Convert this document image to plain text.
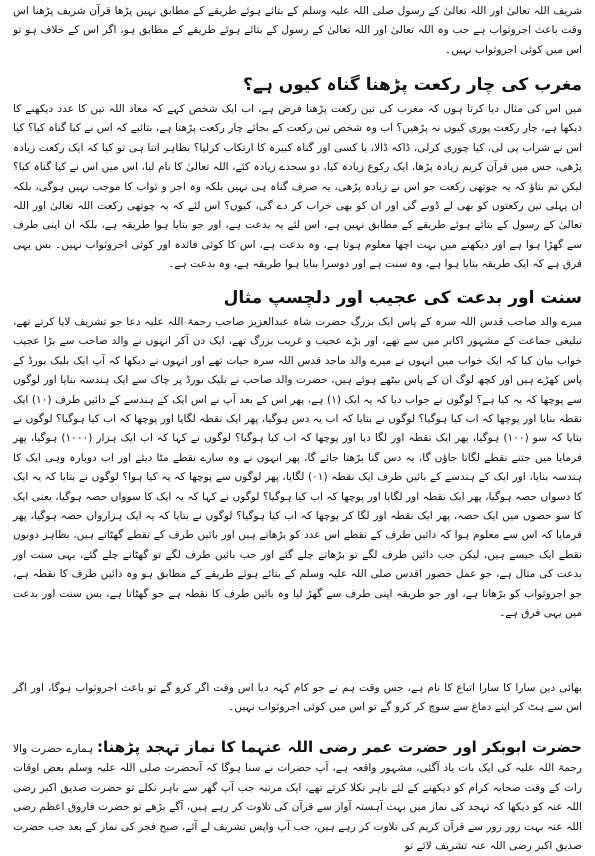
شریف اللہ تعالیٰ اور اللہ تعالیٰ کے رسول صلی اللہ علیہ وسلم کے بتائے ہوئے طریقے کے مطابق نہیں پڑھا قرآن شریف پڑھنا اس وقت باعث اجروثواب ہے جب وہ اللہ تعالیٰ اور اللہ تعالیٰ کے رسول کے بتائے ہوئے طریقے کے مطابق ہو، اگر اس کے خلاف ہو تو اس میں کوئی اجروثواب نہیں۔

مغرب کی چار رکعت پڑھنا گناہ کیوں ہے؟

میں اس کی مثال دیا کرتا ہوں کہ مغرب کی تین رکعت پڑھنا فرض ہے، اب ایک شخص کہے کہ معاذ اللہ تین کا عدد دیکھنے کا دیکھا ہے، چار رکعت پوری کیوں نہ پڑھیں؟ اب وہ شخص تین رکعت کے بجائے چار رکعت پڑھتا ہے، بتائیے کہ اس نے کیا گناہ کیا؟ کیا اس نے شراب پی لی، کیا چوری کرلی، ڈاکہ ڈالا، یا کسی اور گناہ کبیرہ کا ارتکاب کرلیا؟ بظاہر اتنا ہی تو کیا کہ ایک رکعت زیادہ پڑھی، جس میں قرآن کریم زیادہ پڑھا، ایک رکوع زیادہ کیا، دو سجدے زیادہ کئے، اللہ تعالیٰ کا نام لیا، اس میں اس نے کیا گناہ کیا؟ لیکن تم بتاؤ کہ یہ چوتھی رکعت جو اس نے زیادہ پڑھی، یہ صرف گناہ ہی نہیں بلکہ وہ اجر و ثواب کا موجب نہیں ہوگی، بلکہ ان پہلی تین رکعتوں کو بھی لے ڈوبے گی اور ان کو بھی خراب کر دے گی، کیوں؟ اس لئے کہ یہ چوتھی رکعت اللہ تعالیٰ اور اللہ تعالیٰ کے رسول کے بتائے ہوئے طریقے کے مطابق نہیں ہے، اس لئے یہ بدعت ہے، اور جو بتایا ہوا طریقہ ہے، بلکہ ان اپنی طرف سے گھڑا ہوا ہے اور دیکھنے میں بہت اچھا معلوم ہوتا ہے، وہ بدعت ہے، اس کا کوئی فائدہ اور کوئی اجروثواب نہیں۔ بس یہی فرق ہے کہ ایک طریقہ بتایا ہوا ہے، وہ سنت ہے اور دوسرا بنایا ہوا طریقہ ہے، وہ بدعت ہے۔

سنت اور بدعت کی عجیب اور دلچسپ مثال

میرے والد صاحب قدس اللہ سرہ کے پاس ایک بزرگ حضرت شاہ عبدالعزیز صاحب رحمۃ اللہ علیہ دعا جو تشریف لایا کرتے تھے، تبلیغی جماعت کے مشہور اکابر میں سے تھے، اور بڑے عجیب و غریب بزرگ تھے، ایک دن آکر انہوں نے والد صاحب سے بڑا عجیب خواب بیان کیا کہ ایک خواب میں انہوں نے میرے والد ماجد قدس اللہ سرہ حیات تھے اور انہوں نے دیکھا کہ آپ ایک بلیک بورڈ کے پاس کھڑے ہیں اور کچھ لوگ ان کے پاس بیٹھے ہوئے ہیں، حضرت والد صاحب نے بلیک بورڈ پر چاک سے ایک ہندسہ بنایا اور لوگوں سے پوچھا کہ یہ کیا ہے؟ لوگوں نے جواب دیا کہ یہ ایک (۱) ہے، پھر اس کے بعد آپ نے اس ایک کے ہندسے کے دائیں طرف (۱۰) ایک نقطہ بنایا اور پوچھا کہ اب کیا ہوگیا؟ لوگوں نے بتایا کہ اب یہ دس ہوگیا، پھر ایک نقطہ لگایا اور پوچھا کہ اب کیا ہوگیا؟ لوگوں نے بتایا کہ سو (۱۰۰) ہوگیا، پھر ایک نقطہ اور لگا دیا اور پوچھا کہ اب کیا ہوگیا؟ لوگوں نے کہا کہ اب ایک ہزار (۱۰۰۰) ہوگیا، پھر فرمایا میں جتنے نقطے لگاتا جاؤں گا، یہ دس گنا بڑھتا جائے گا، پھر انہوں نے وہ سارے نقطے مٹا دیئے اور اب دوبارہ وہی ایک کا ہندسہ بنایا، اور ایک کے ہندسے کے بائیں طرف ایک نقطہ (۰۱) لگایا، پھر لوگوں سے پوچھا کہ یہ کیا ہوا؟ لوگوں نے بتایا کہ یہ ایک کا دسواں حصہ ہوگیا، پھر ایک نقطہ اور لگایا اور پوچھا کہ اب کیا ہوگیا؟ لوگوں نے کہا کہ یہ ایک کا سوواں حصہ ہوگیا، یعنی ایک کا سو حصوں میں ایک حصہ، پھر ایک نقطہ اور لگا کر پوچھا کہ اب کیا ہوگیا؟ لوگوں نے بتایا کہ یہ ایک ہزارواں حصہ ہوگیا، پھر فرمایا کہ اس سے معلوم ہوا کہ دائیں طرف کے نقطے اس عدد کو بڑھاتے ہیں اور بائیں طرف کے نقطے گھٹاتے ہیں، بظاہر دونوں نقطے ایک جیسے ہیں، لیکن جب دائیں طرف لگے تو بڑھاتے چلے گئے اور جب بائیں طرف لگے تو گھٹاتے چلے گئے، یہی سنت اور بدعت کی مثال ہے، جو عمل حضور اقدس صلی اللہ علیہ وسلم کے بتائے ہوئے طریقے کے مطابق ہو وہ دائیں طرف کا نقطہ ہے، جو اجروثواب کو بڑھاتا ہے، اور جو طریقہ اپنی طرف سے گھڑ لیا وہ بائیں طرف کا نقطہ ہے جو گھٹاتا ہے، بس سنت اور بدعت میں یہی فرق ہے۔

بھائی دین سارا کا سارا اتباع کا نام ہے، جس وقت ہم نے جو کام کہہ دیا اس وقت اگر کرو گے تو باعث اجروثواب ہوگا، اور اگر اس سے ہٹ کر اپنے دماغ سے سوچ کر کرو گے تو اس میں کوئی اجروثواب نہیں۔

حضرت ابوبکر اور حضرت عمر رضی اللہ عنہما کا نماز تہجد پڑھنا: ہمارے حضرت والا رحمۃ اللہ علیہ کی ایک بات یاد آگئی، مشہور واقعہ ہے، آپ حضرات نے سنا ہوگا کہ آنحضرت صلی اللہ علیہ وسلم بعض اوقات رات کے وقت صحابہ کرام کو دیکھنے کے لئے باہر نکلا کرتے تھے، ایک مرتبہ جب آپ گھر سے باہر نکلے تو حضرت صدیق اکبر رضی اللہ عنہ کو دیکھا کہ تہجد کی نماز میں بہت آہستہ آواز سے قرآن کی تلاوت کر رہے ہیں، آگے بڑھے تو حضرت فاروق اعظم رضی اللہ عنہ بہت زور زور سے قرآن کریم کی تلاوت کر رہے ہیں، جب آپ واپس تشریف لے آئے، صبح فجر کی نماز کے بعد جب حضرت صدیق اکبر رضی اللہ عنہ تشریف لائے تو
